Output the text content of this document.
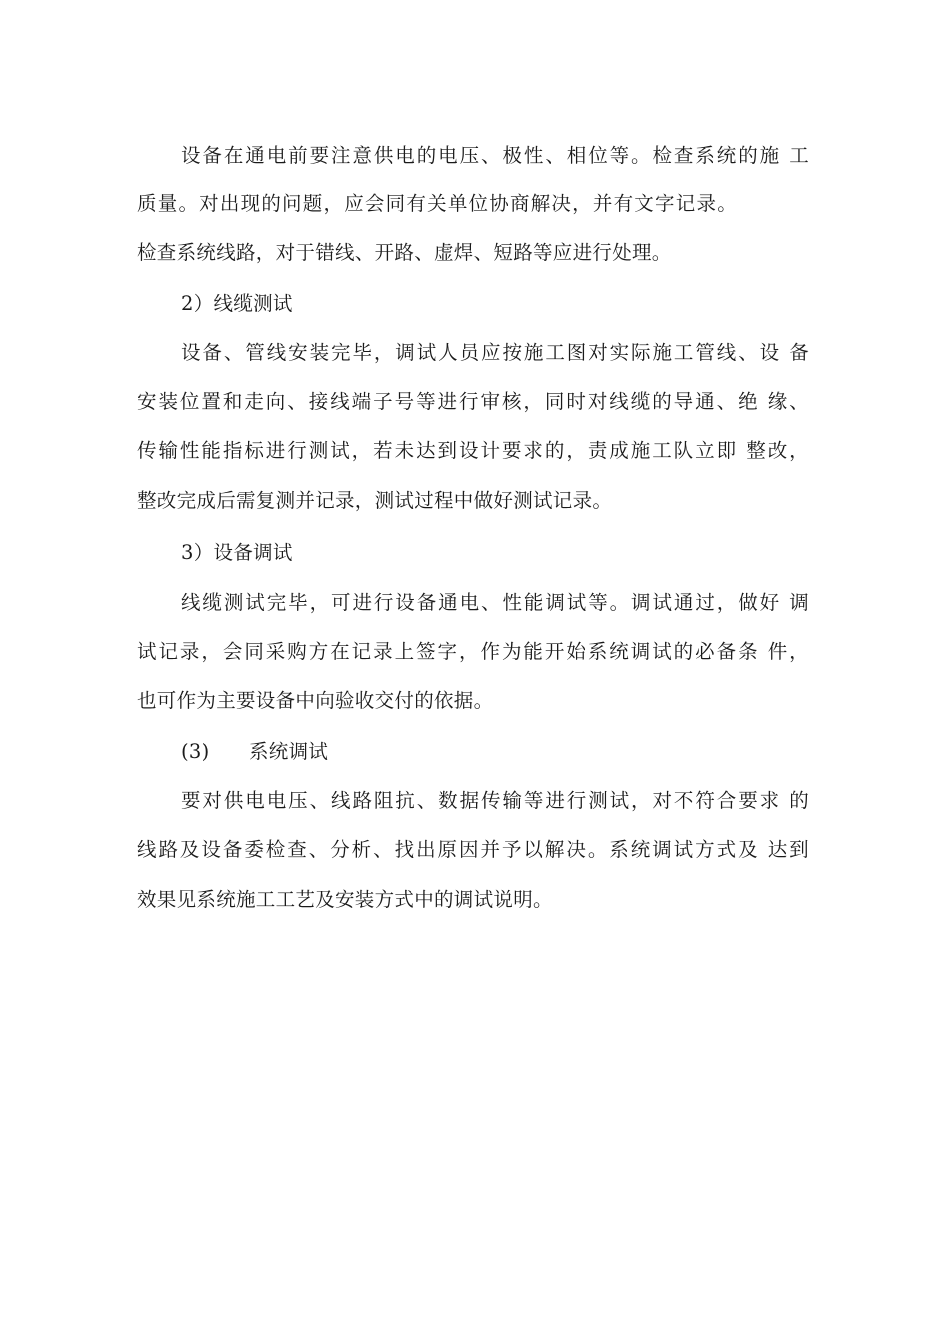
设备在通电前要注意供电的电压、极性、相位等。检查系统的施 工

质量。对出现的问题，应会同有关单位协商解决，并有文字记录。

检查系统线路，对于错线、开路、虚焊、短路等应进行处理。

2）线缆测试

设备、管线安装完毕，调试人员应按施工图对实际施工管线、设 备

安装位置和走向、接线端子号等进行审核，同时对线缆的导通、绝 缘、

传输性能指标进行测试，若未达到设计要求的，责成施工队立即 整改，

整改完成后需复测并记录，测试过程中做好测试记录。

3）设备调试

线缆测试完毕，可进行设备通电、性能调试等。调试通过，做好 调

试记录，会同采购方在记录上签字，作为能开始系统调试的必备条 件，

也可作为主要设备中向验收交付的依据。

(3) 系统调试

要对供电电压、线路阻抗、数据传输等进行测试，对不符合要求 的

线路及设备委检查、分析、找出原因并予以解决。系统调试方式及 达到

效果见系统施工工艺及安装方式中的调试说明。
